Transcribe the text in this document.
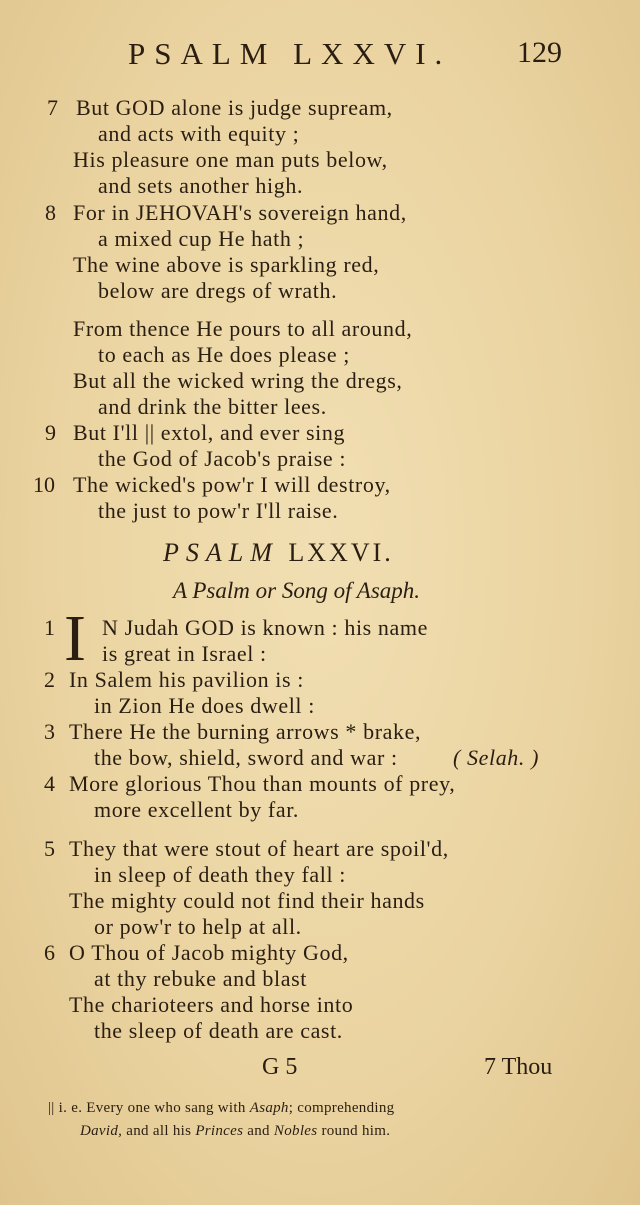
PSALM LXXVI. 129
7 But GOD alone is judge supream,
and acts with equity ;
His pleasure one man puts below,
and sets another high.
8 For in JEHOVAH's sovereign hand,
a mixed cup He hath ;
The wine above is sparkling red,
below are dregs of wrath.
From thence He pours to all around,
to each as He does please ;
But all the wicked wring the dregs,
and drink the bitter lees.
9 But I'll || extol, and ever sing
the God of Jacob's praise :
10 The wicked's pow'r I will destroy,
the just to pow'r I'll raise.
PSALM LXXVI.
A Psalm or Song of Asaph.
1 I N Judah GOD is known : his name
is great in Israel :
2 In Salem his pavilion is :
in Zion He does dwell :
3 There He the burning arrows * brake,
the bow, shield, sword and war :	( Selah. )
4 More glorious Thou than mounts of prey,
more excellent by far.
5 They that were stout of heart are spoil'd,
in sleep of death they fall :
The mighty could not find their hands
or pow'r to help at all.
6 O Thou of Jacob mighty God,
at thy rebuke and blast
The charioteers and horse into
the sleep of death are cast.
G 5	7 Thou
|| i. e. Every one who sang with Asaph; comprehending
David, and all his Princes and Nobles round him.
